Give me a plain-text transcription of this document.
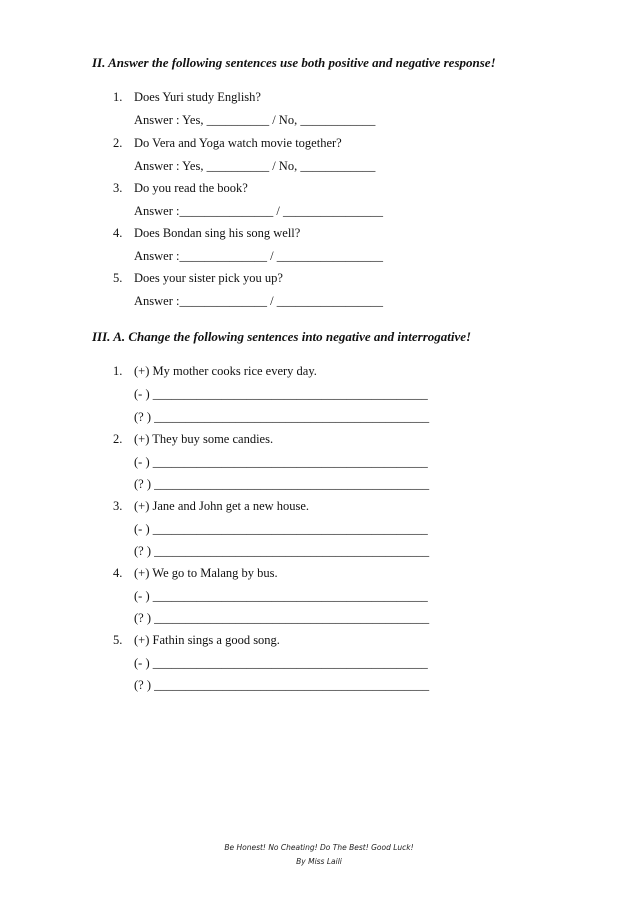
II. Answer the following sentences use both positive and negative response!
1. Does Yuri study English?
Answer : Yes, __________ / No, ____________
2. Do Vera and Yoga watch movie together?
Answer : Yes, __________ / No, ____________
3. Do you read the book?
Answer :_______________ / ________________
4. Does Bondan sing his song well?
Answer :______________ / _________________
5. Does your sister pick you up?
Answer :______________ / _________________
III. A. Change the following sentences into negative and interrogative!
1. (+) My mother cooks rice every day.
(- ) ____________________________________________
(? ) ____________________________________________
2. (+) They buy some candies.
(- ) ____________________________________________
(? ) ____________________________________________
3. (+) Jane and John get a new house.
(- ) ____________________________________________
(? ) ____________________________________________
4. (+) We go to Malang by bus.
(- ) ____________________________________________
(? ) ____________________________________________
5. (+) Fathin sings a good song.
(- ) ____________________________________________
(? ) ____________________________________________
Be Honest! No Cheating! Do The Best! Good Luck!
By Miss Laili
